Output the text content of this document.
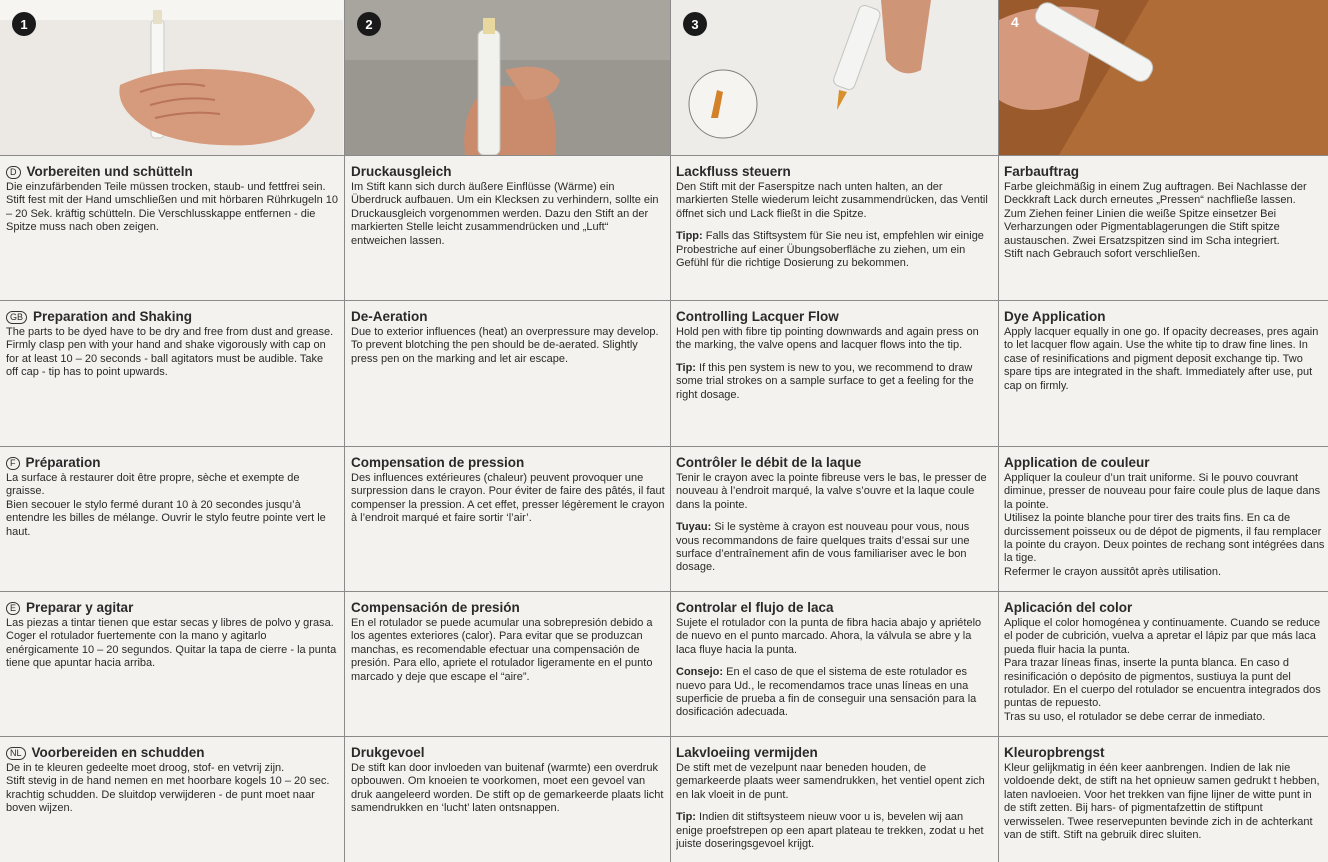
1	2	3	4
D Vorbereiten und schütteln

Die einzufärbenden Teile müssen trocken, staub- und fettfrei sein.
Stift fest mit der Hand umschließen und mit hörbaren Rührkugeln 10 – 20 Sek. kräftig schütteln. Die Verschlusskappe entfernen - die Spitze muss nach oben zeigen.

Druckausgleich

Im Stift kann sich durch äußere Einflüsse (Wärme) ein Überdruck aufbauen. Um ein Klecksen zu verhindern, sollte ein Druckausgleich vorgenommen werden. Dazu den Stift an der markierten Stelle leicht zusammendrücken und „Luft“ entweichen lassen.

Lackfluss steuern

Den Stift mit der Faserspitze nach unten halten, an der markierten Stelle wiederum leicht zusammendrücken, das Ventil öffnet sich und Lack fließt in die Spitze.

Tipp: Falls das Stiftsystem für Sie neu ist, empfehlen wir einige Probestriche auf einer Übungsoberfläche zu ziehen, um ein Gefühl für die richtige Dosierung zu bekommen.

Farbauftrag

Farbe gleichmäßig in einem Zug auftragen. Bei Nachlasse der Deckkraft Lack durch erneutes „Pressen“ nachfließe lassen.
Zum Ziehen feiner Linien die weiße Spitze einsetzer Bei Verharzungen oder Pigmentablagerungen die Stift spitze austauschen. Zwei Ersatzspitzen sind im Scha integriert.
Stift nach Gebrauch sofort verschließen.

GB Preparation and Shaking

The parts to be dyed have to be dry and free from dust and grease.
Firmly clasp pen with your hand and shake vigorously with cap on for at least 10 – 20 seconds - ball agitators must be audible. Take off cap - tip has to point upwards.

De-Aeration

Due to exterior influences (heat) an overpressure may develop. To prevent blotching the pen should be de-aerated. Slightly press pen on the marking and let air escape.

Controlling Lacquer Flow

Hold pen with fibre tip pointing downwards and again press on the marking, the valve opens and lacquer flows into the tip.

Tip: If this pen system is new to you, we recommend to draw some trial strokes on a sample surface to get a feeling for the right dosage.

Dye Application

Apply lacquer equally in one go. If opacity decreases, pres again to let lacquer flow again. Use the white tip to draw fine lines. In case of resinifications and pigment deposit exchange tip. Two spare tips are integrated in the shaft. Immediately after use, put cap on firmly.

F Préparation

La surface à restaurer doit être propre, sèche et exempte de graisse.
Bien secouer le stylo fermé durant 10 à 20 secondes jusqu’à entendre les billes de mélange. Ouvrir le stylo feutre pointe vert le haut.

Compensation de pression

Des influences extérieures (chaleur) peuvent provoquer une surpression dans le crayon. Pour éviter de faire des pâtés, il faut compenser la pression. A cet effet, presser légèrement le crayon à l’endroit marqué et faire sortir ‘l’air’.

Contrôler le débit de la laque

Tenir le crayon avec la pointe fibreuse vers le bas, le presser de nouveau à l’endroit marqué, la valve s’ouvre et la laque coule dans la pointe.

Tuyau: Si le système à crayon est nouveau pour vous, nous vous recommandons de faire quelques traits d’essai sur une surface d’entraînement afin de vous familiariser avec le bon dosage.

Application de couleur

Appliquer la couleur d’un trait uniforme. Si le pouvo couvrant diminue, presser de nouveau pour faire coule plus de laque dans la pointe.
Utilisez la pointe blanche pour tirer des traits fins. En ca de durcissement poisseux ou de dépot de pigments, il fau remplacer la pointe du crayon. Deux pointes de rechang sont intégrées dans la tige.
Refermer le crayon aussitôt après utilisation.

E Preparar y agitar

Las piezas a tintar tienen que estar secas y libres de polvo y grasa.
Coger el rotulador fuertemente con la mano y agitarlo enérgicamente 10 – 20 segundos. Quitar la tapa de cierre - la punta tiene que apuntar hacia arriba.

Compensación de presión

En el rotulador se puede acumular una sobrepresión debido a los agentes exteriores (calor). Para evitar que se produzcan manchas, es recomendable efectuar una compensación de presión. Para ello, apriete el rotulador ligeramente en el punto marcado y deje que escape el “aire”.

Controlar el flujo de laca

Sujete el rotulador con la punta de fibra hacia abajo y apriételo de nuevo en el punto marcado. Ahora, la válvula se abre y la laca fluye hacia la punta.

Consejo: En el caso de que el sistema de este rotulador es nuevo para Ud., le recomendamos trace unas líneas en una superficie de prueba a fin de conseguir una sensación para la dosificación adecuada.

Aplicación del color

Aplique el color homogénea y continuamente. Cuando se reduce el poder de cubrición, vuelva a apretar el lápiz par que más laca pueda fluir hacia la punta.
Para trazar líneas finas, inserte la punta blanca. En caso d resinificación o depósito de pigmentos, sustiuya la punt del rotulador. En el cuerpo del rotulador se encuentra integrados dos puntas de repuesto.
Tras su uso, el rotulador se debe cerrar de inmediato.

NL Voorbereiden en schudden

De in te kleuren gedeelte moet droog, stof- en vetvrij zijn.
Stift stevig in de hand nemen en met hoorbare kogels 10 – 20 sec. krachtig schudden. De sluitdop verwijderen - de punt moet naar boven wijzen.

Drukgevoel

De stift kan door invloeden van buitenaf (warmte) een overdruk opbouwen. Om knoeien te voorkomen, moet een gevoel van druk aangeleerd worden. De stift op de gemarkeerde plaats licht samendrukken en ‘lucht’ laten ontsnappen.

Lakvloeiing vermijden

De stift met de vezelpunt naar beneden houden, de gemarkeerde plaats weer samendrukken, het ventiel opent zich en lak vloeit in de punt.

Tip: Indien dit stiftsysteem nieuw voor u is, bevelen wij aan enige proefstrepen op een apart plateau te trekken, zodat u het juiste doseringsgevoel krijgt.

Kleuropbrengst

Kleur gelijkmatig in één keer aanbrengen. Indien de lak nie voldoende dekt, de stift na het opnieuw samen gedrukt t hebben, laten navloeien. Voor het trekken van fijne lijner de witte punt in de stift zetten. Bij hars- of pigmentafzettin de stiftpunt verwisselen. Twee reservepunten bevinde zich in de achterkant van de stift. Stift na gebruik direc sluiten.
